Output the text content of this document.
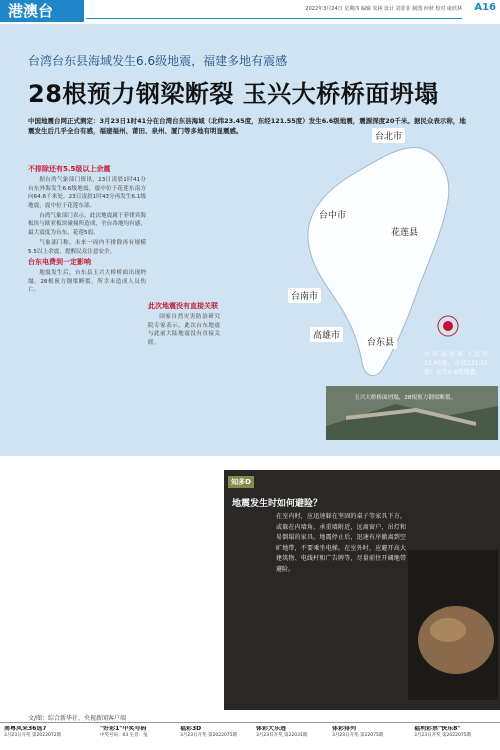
港澳台	2022年3月24日 星期四 编辑 朱林 设计 刘菲菲 制图 何秋 校对 康欣林 A16
台湾台东县海域发生6.6级地震，福建多地有震感
28根预力钢梁断裂 玉兴大桥桥面坍塌
中国地震台网正式测定：3月23日1时41分在台湾台东县海域（北纬23.45度，东经121.55度）发生6.6级地震，震源深度20千米。据民众表示称，地震发生后几乎全台有感，福建福州、莆田、泉州、厦门等多地有明显震感。
台北市
台中市
花莲县
台南市
高雄市
台东县
台东县海域（北纬23.45度，东经121.55度）发生6.6级地震。
玉兴大桥桥面坍塌，28根预力钢梁断裂。
不排除还有5.5级以上余震

据台湾气象部门资讯，23日凌晨1时41分台东外海发生6.6级地震，震中位于花莲东南方向64.6千米处。23日凌晨1时43分再发生6.1级地震，震中位于花莲东部。

台湾气象部门表示，此次地震属于菲律宾海板块与欧亚板块碰撞所造成，全台各地均有感，最大震度为台东、花莲5弱。

气象部门称，未来一周内不排除再有规模5.5以上余震，提醒民众注意安全。

台东电费到一定影响

地震发生后，台东县玉兴大桥桥面出现坍塌，28根预力钢梁断裂，所幸未造成人员伤亡。

此次地震没有直接关联

国家自然灾害防治研究院专家表示，此次台东地震与此前大陆地震没有直接关联。

知多D
地震发生时如何避险？
在室内时，应迅速躲在坚固的桌子等家具下方，或躲在内墙角、承重墙附近，远离窗户、吊灯和易倒塌的家具。地震停止后，迅速有序撤离到空旷地带，不要乘坐电梯。在室外时，应避开高大建筑物、电线杆和广告牌等，尽量前往开阔地带避险。
文/图：综合新华社、央视新闻客户端
南粤风采36选7
3月23日开奖 第2022072期
"好彩1"中奖号码
中奖号码：03 生肖：兔
福彩3D
3月23日开奖 第2022075期
体彩大乐透
3月23日开奖 第22031期
体彩排列
3月23日开奖 第22075期
福利彩票"快乐8"
3月23日开奖 第2022075期
